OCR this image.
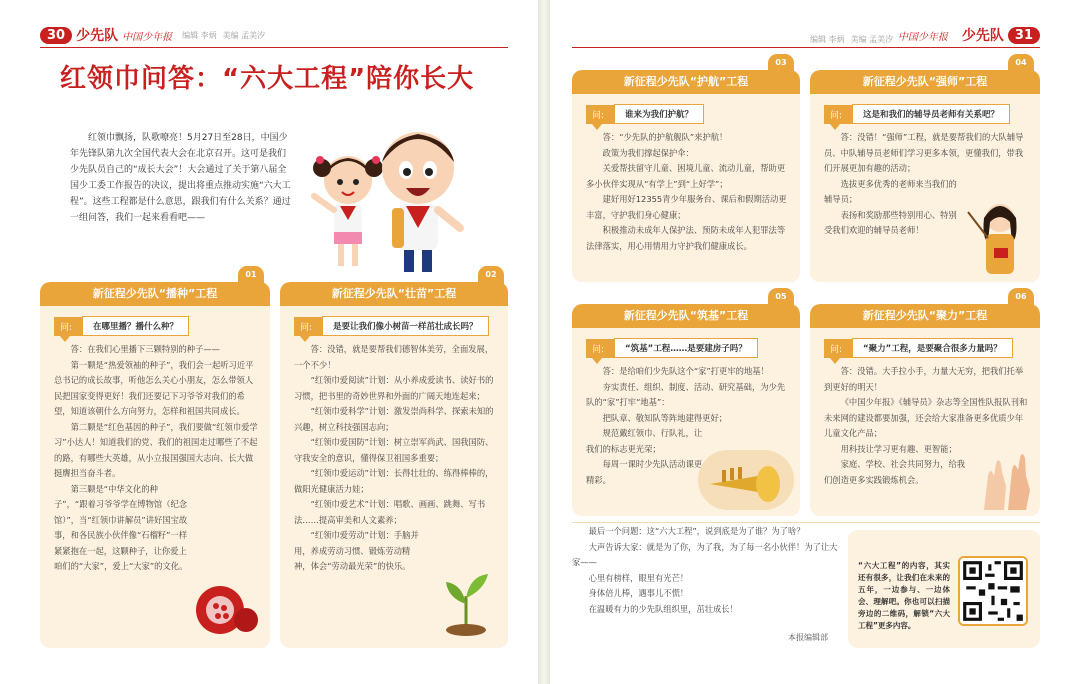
30 少先队 中国少年报 编辑 李炳 美编 孟美汐
红领巾问答：“六大工程”陪你长大
红领巾飘扬，队歌嘹亮！5月27日至28日，中国少年先锋队第九次全国代表大会在北京召开。这可是我们少先队员自己的“成长大会”！大会通过了关于第八届全国少工委工作报告的决议，提出将重点推动实施“六大工程”。这些工程都是什么意思，跟我们有什么关系？通过一组问答，我们一起来看看吧——
新征程少先队“播种”工程
问:	在哪里播？播什么种？

答：在我们心里播下三颗特别的种子——

第一颗是“热爱领袖的种子”，我们会一起听习近平总书记的成长故事，听他怎么关心小朋友，怎么带领人民把国家变得更好！我们还要记下习爷爷对我们的希望，知道该朝什么方向努力，怎样和祖国共同成长。

第二颗是“红色基因的种子”，我们要做“红领巾爱学习”小达人！知道我们的党、我们的祖国走过哪些了不起的路，有哪些大英雄，从小立报国强国大志向、长大做挺膺担当奋斗者。

第三颗是“中华文化的种子”，“跟着习爷爷学在博物馆（纪念馆）”，当“红领巾讲解员”讲好国宝故事，和各民族小伙伴像“石榴籽”一样紧紧抱在一起，这颗种子，让你爱上咱们的“大家”，爱上“大家”的文化。

01
新征程少先队“壮苗”工程
问:	是要让我们像小树苗一样茁壮成长吗？

答：没错，就是要帮我们德智体美劳，全面发展，一个不少！

“红领巾爱阅读”计划：从小养成爱读书、读好书的习惯，把书里的奇妙世界和外面的广阔天地连起来；

“红领巾爱科学”计划：激发崇尚科学、探索未知的兴趣，树立科技强国志向；

“红领巾爱国防”计划：树立崇军尚武、国我国防、守我安全的意识，懂得保卫祖国多重要；

“红领巾爱运动”计划：长得壮壮的、练得棒棒的，做阳光健康活力娃；

“红领巾爱艺术”计划：唱歌、画画、跳舞、写书法……提高审美和人文素养；

“红领巾爱劳动”计划：手脑并用，养成劳动习惯、锻炼劳动精神，体会“劳动最光荣”的快乐。

02
编辑 李炳 美编 孟美汐 中国少年报 少先队 31
新征程少先队“护航”工程
问:	谁来为我们护航？

答：“少先队的护航舰队”来护航！

政策为我们撑起保护伞：

关爱帮扶留守儿童、困境儿童、流动儿童，帮助更多小伙伴实现从“有学上”到“上好学”；

建好用好12355青少年服务台、课后和假期活动更丰富，守护我们身心健康；

积极推动未成年人保护法、预防未成年人犯罪法等法律落实，用心用情用力守护我们健康成长。

03
新征程少先队“强师”工程
问:	这是和我们的辅导员老师有关系吧？

答：没错！“强师”工程，就是要帮我们的大队辅导员、中队辅导员老师们学习更多本领，更懂我们，带我们开展更加有趣的活动；

选拔更多优秀的老师来当我们的辅导员；

表扬和奖励那些特别用心、特别受我们欢迎的辅导员老师！

04
新征程少先队“筑基”工程
问:	“筑基”工程……是要建房子吗？

答：是给咱们少先队这个“家”打更牢的地基！

夯实责任、组织、制度、活动、研究基础，为少先队的“家”打牢“地基”：

把队章、敬知队等阵地建得更好；

规范戴红领巾、行队礼，让我们的标志更光荣；

每周一课时少先队活动课更精彩。

05
新征程少先队“聚力”工程
问:	“聚力”工程，是要聚合很多力量吗？

答：没错。大手拉小手，力量大无穷，把我们托举到更好的明天！

《中国少年报》《辅导员》杂志等全国性队报队刊和未来网的建设都要加强，还会给大家准备更多优质少年儿童文化产品；

用科技让学习更有趣、更智能；

家庭、学校、社会共同努力，给我们创造更多实践锻炼机会。

06

最后一个问题：这“六大工程”，说到底是为了谁？为了啥？

大声告诉大家：就是为了你，为了我，为了每一名小伙伴！为了让大家——

心里有榜样，眼里有光芒！

身体倍儿棒，遇事儿不慌！

在温暖有力的少先队组织里，茁壮成长！

本报编辑部
“六大工程”的内容，其实还有很多，让我们在未来的五年，一边参与、一边体会、理解吧。你也可以扫描旁边的二维码，解锁“六大工程”更多内容。
